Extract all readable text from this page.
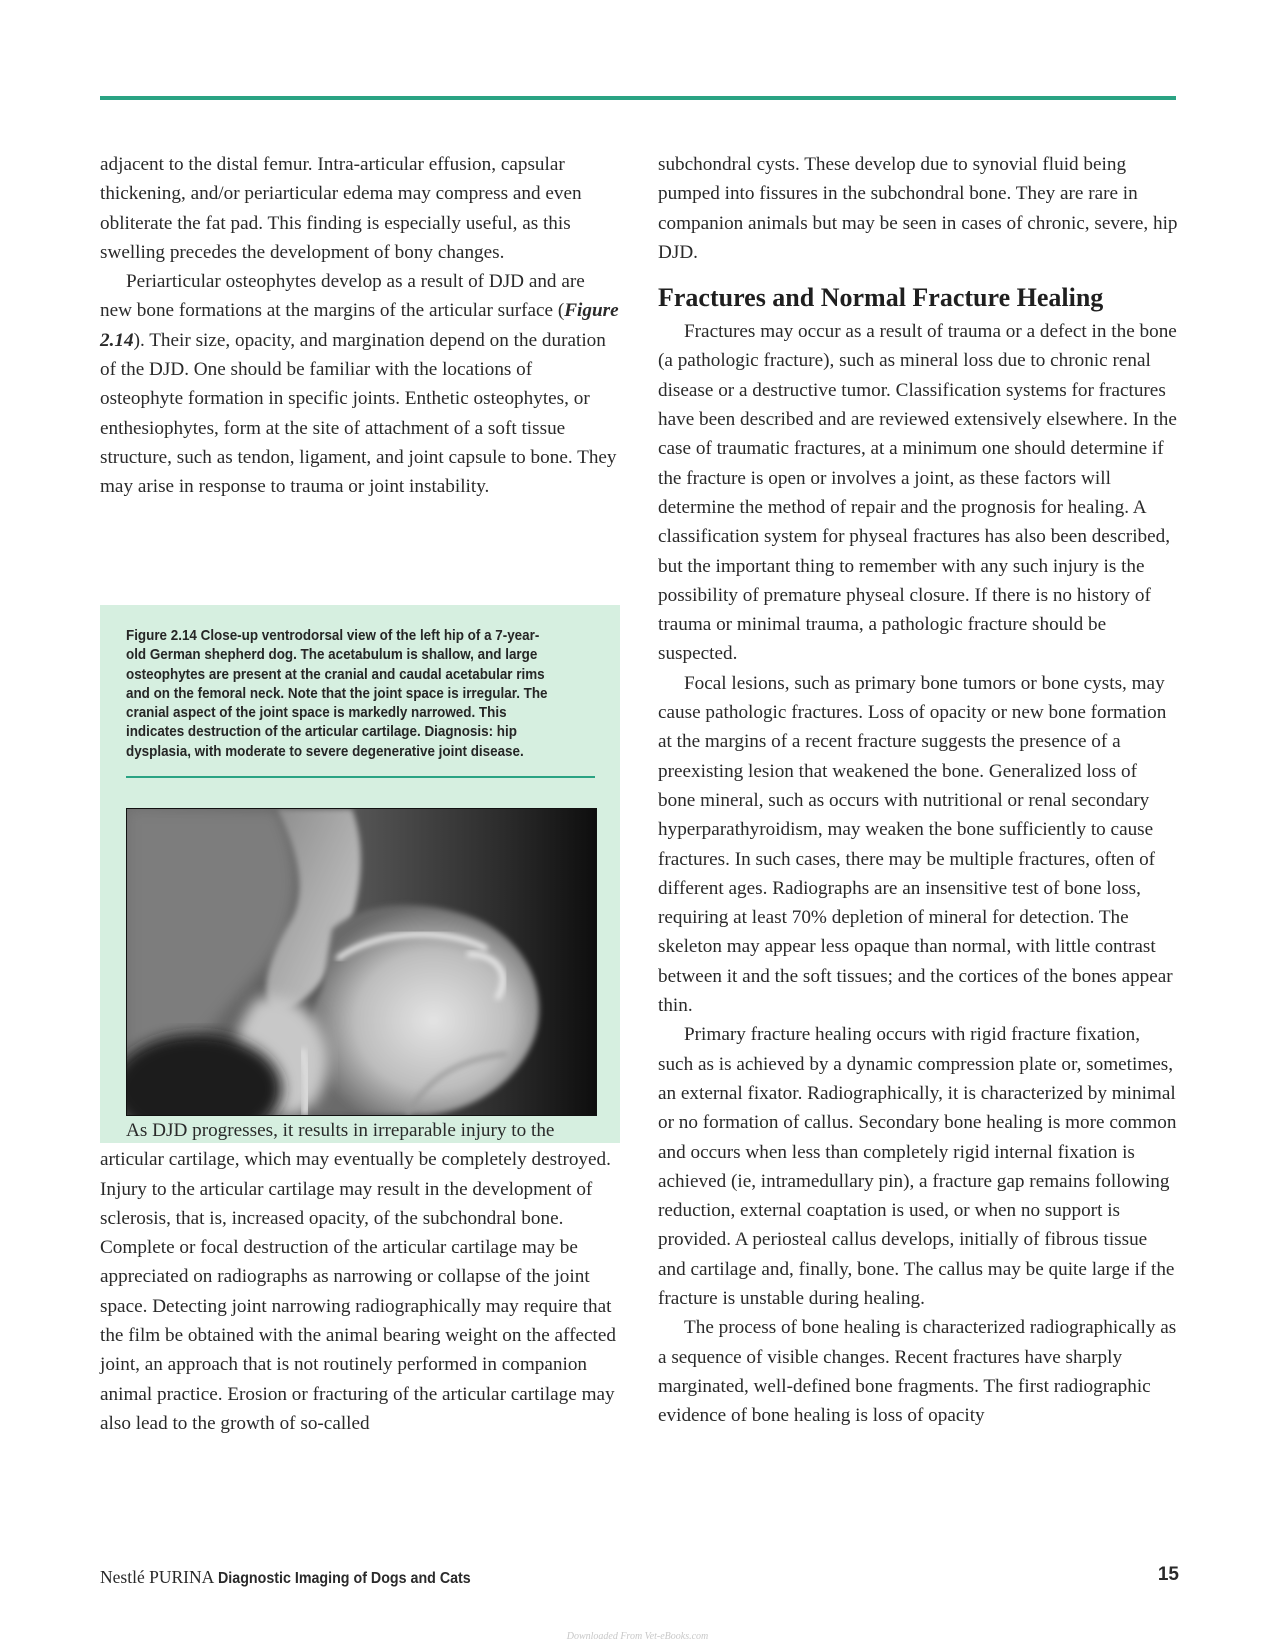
adjacent to the distal femur. Intra-articular effusion, capsular thickening, and/or periarticular edema may compress and even obliterate the fat pad. This finding is especially useful, as this swelling precedes the development of bony changes.

Periarticular osteophytes develop as a result of DJD and are new bone formations at the margins of the articular surface (Figure 2.14). Their size, opacity, and margination depend on the duration of the DJD. One should be familiar with the locations of osteophyte formation in specific joints. Enthetic osteophytes, or enthesiophytes, form at the site of attachment of a soft tissue structure, such as tendon, ligament, and joint capsule to bone. They may arise in response to trauma or joint instability.

Figure 2.14 Close-up ventrodorsal view of the left hip of a 7-year-old German shepherd dog. The acetabulum is shallow, and large osteophytes are present at the cranial and caudal acetabular rims and on the femoral neck. Note that the joint space is irregular. The cranial aspect of the joint space is markedly narrowed. This indicates destruction of the articular cartilage. Diagnosis: hip dysplasia, with moderate to severe degenerative joint disease.

As DJD progresses, it results in irreparable injury to the articular cartilage, which may eventually be completely destroyed. Injury to the articular cartilage may result in the development of sclerosis, that is, increased opacity, of the subchondral bone. Complete or focal destruction of the articular cartilage may be appreciated on radiographs as narrowing or collapse of the joint space. Detecting joint narrowing radiographically may require that the film be obtained with the animal bearing weight on the affected joint, an approach that is not routinely performed in companion animal practice. Erosion or fracturing of the articular cartilage may also lead to the growth of so-called

subchondral cysts. These develop due to synovial fluid being pumped into fissures in the subchondral bone. They are rare in companion animals but may be seen in cases of chronic, severe, hip DJD.

Fractures and Normal Fracture Healing

Fractures may occur as a result of trauma or a defect in the bone (a pathologic fracture), such as mineral loss due to chronic renal disease or a destructive tumor. Classification systems for fractures have been described and are reviewed extensively elsewhere. In the case of traumatic fractures, at a minimum one should determine if the fracture is open or involves a joint, as these factors will determine the method of repair and the prognosis for healing. A classification system for physeal fractures has also been described, but the important thing to remember with any such injury is the possibility of premature physeal closure. If there is no history of trauma or minimal trauma, a pathologic fracture should be suspected.

Focal lesions, such as primary bone tumors or bone cysts, may cause pathologic fractures. Loss of opacity or new bone formation at the margins of a recent fracture suggests the presence of a preexisting lesion that weakened the bone. Generalized loss of bone mineral, such as occurs with nutritional or renal secondary hyperparathyroidism, may weaken the bone sufficiently to cause fractures. In such cases, there may be multiple fractures, often of different ages. Radiographs are an insensitive test of bone loss, requiring at least 70% depletion of mineral for detection. The skeleton may appear less opaque than normal, with little contrast between it and the soft tissues; and the cortices of the bones appear thin.

Primary fracture healing occurs with rigid fracture fixation, such as is achieved by a dynamic compression plate or, sometimes, an external fixator. Radiographically, it is characterized by minimal or no formation of callus. Secondary bone healing is more common and occurs when less than completely rigid internal fixation is achieved (ie, intramedullary pin), a fracture gap remains following reduction, external coaptation is used, or when no support is provided. A periosteal callus develops, initially of fibrous tissue and cartilage and, finally, bone. The callus may be quite large if the fracture is unstable during healing.

The process of bone healing is characterized radiographically as a sequence of visible changes. Recent fractures have sharply marginated, well-defined bone fragments. The first radiographic evidence of bone healing is loss of opacity

Nestlé PURINA Diagnostic Imaging of Dogs and Cats	15
Downloaded From Vet-eBooks.com
